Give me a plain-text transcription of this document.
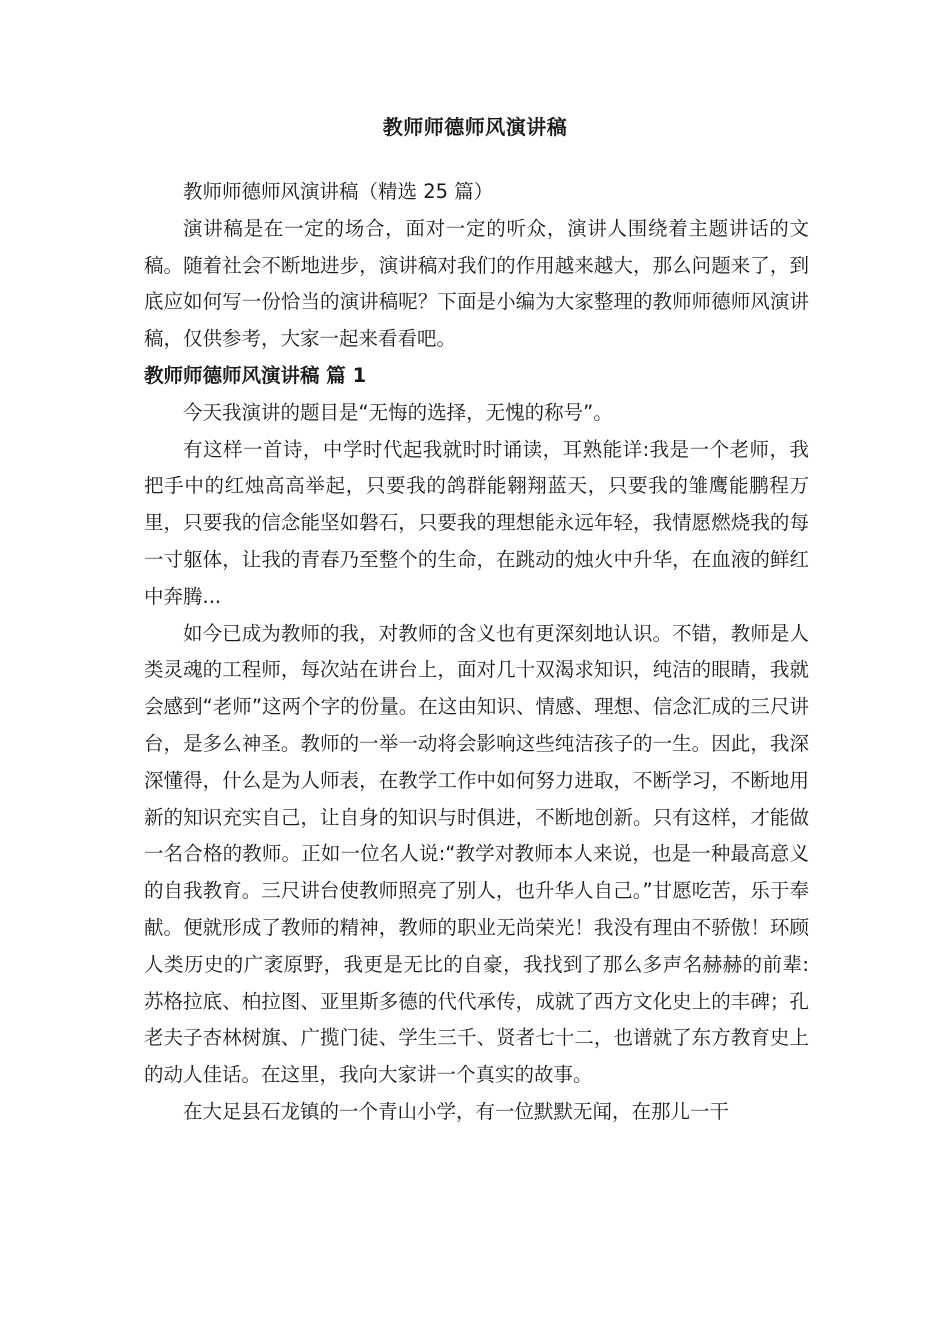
教师师德师风演讲稿

教师师德师风演讲稿（精选 25 篇）

演讲稿是在一定的场合，面对一定的听众，演讲人围绕着主题讲话的文稿。随着社会不断地进步，演讲稿对我们的作用越来越大，那么问题来了，到底应如何写一份恰当的演讲稿呢？下面是小编为大家整理的教师师德师风演讲稿，仅供参考，大家一起来看看吧。

教师师德师风演讲稿 篇 1

今天我演讲的题目是“无悔的选择，无愧的称号”。

有这样一首诗，中学时代起我就时时诵读，耳熟能详:我是一个老师，我把手中的红烛高高举起，只要我的鸽群能翱翔蓝天，只要我的雏鹰能鹏程万里，只要我的信念能坚如磐石，只要我的理想能永远年轻，我情愿燃烧我的每一寸躯体，让我的青春乃至整个的生命，在跳动的烛火中升华，在血液的鲜红中奔腾...

如今已成为教师的我，对教师的含义也有更深刻地认识。不错，教师是人类灵魂的工程师，每次站在讲台上，面对几十双渴求知识，纯洁的眼睛，我就会感到“老师”这两个字的份量。在这由知识、情感、理想、信念汇成的三尺讲台，是多么神圣。教师的一举一动将会影响这些纯洁孩子的一生。因此，我深深懂得，什么是为人师表，在教学工作中如何努力进取，不断学习，不断地用新的知识充实自己，让自身的知识与时俱进，不断地创新。只有这样，才能做一名合格的教师。正如一位名人说:“教学对教师本人来说，也是一种最高意义的自我教育。三尺讲台使教师照亮了别人，也升华人自己。”甘愿吃苦，乐于奉献。便就形成了教师的精神，教师的职业无尚荣光！我没有理由不骄傲！环顾人类历史的广袤原野，我更是无比的自豪，我找到了那么多声名赫赫的前辈:苏格拉底、柏拉图、亚里斯多德的代代承传，成就了西方文化史上的丰碑；孔老夫子杏林树旗、广揽门徒、学生三千、贤者七十二，也谱就了东方教育史上的动人佳话。在这里，我向大家讲一个真实的故事。

在大足县石龙镇的一个青山小学，有一位默默无闻，在那儿一干
